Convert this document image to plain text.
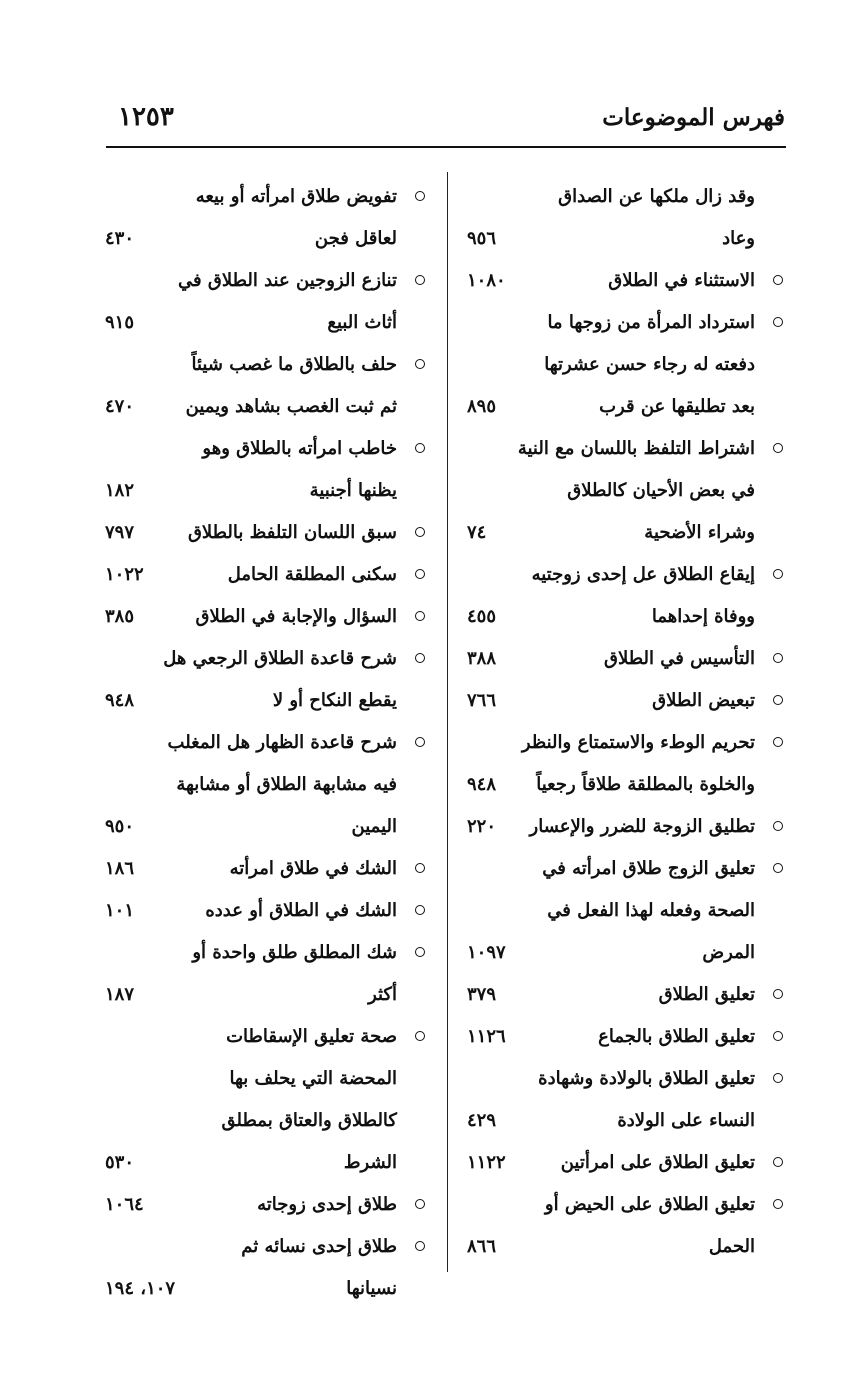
فهرس الموضوعات
١٢٥٣
وقد زال ملكها عن الصداق
وعاد
٩٥٦
الاستثناء في الطلاق
١٠٨٠
استرداد المرأة من زوجها ما
دفعته له رجاء حسن عشرتها
بعد تطليقها عن قرب
٨٩٥
اشتراط التلفظ باللسان مع النية
في بعض الأحيان كالطلاق
وشراء الأضحية
٧٤
إيقاع الطلاق عل إحدى زوجتيه
ووفاة إحداهما
٤٥٥
التأسيس في الطلاق
٣٨٨
تبعيض الطلاق
٧٦٦
تحريم الوطء والاستمتاع والنظر
والخلوة بالمطلقة طلاقاً رجعياً
٩٤٨
تطليق الزوجة للضرر والإعسار
٢٢٠
تعليق الزوج طلاق امرأته في
الصحة وفعله لهذا الفعل في
المرض
١٠٩٧
تعليق الطلاق
٣٧٩
تعليق الطلاق بالجماع
١١٢٦
تعليق الطلاق بالولادة وشهادة
النساء على الولادة
٤٢٩
تعليق الطلاق على امرأتين
١١٢٢
تعليق الطلاق على الحيض أو
الحمل
٨٦٦
تفويض طلاق امرأته أو بيعه
لعاقل فجن
٤٣٠
تنازع الزوجين عند الطلاق في
أثاث البيع
٩١٥
حلف بالطلاق ما غصب شيئاً
ثم ثبت الغصب بشاهد ويمين
٤٧٠
خاطب امرأته بالطلاق وهو
يظنها أجنبية
١٨٢
سبق اللسان التلفظ بالطلاق
٧٩٧
سكنى المطلقة الحامل
١٠٢٢
السؤال والإجابة في الطلاق
٣٨٥
شرح قاعدة الطلاق الرجعي هل
يقطع النكاح أو لا
٩٤٨
شرح قاعدة الظهار هل المغلب
فيه مشابهة الطلاق أو مشابهة
اليمين
٩٥٠
الشك في طلاق امرأته
١٨٦
الشك في الطلاق أو عدده
١٠١
شك المطلق طلق واحدة أو
أكثر
١٨٧
صحة تعليق الإسقاطات
المحضة التي يحلف بها
كالطلاق والعتاق بمطلق
الشرط
٥٣٠
طلاق إحدى زوجاته
١٠٦٤
طلاق إحدى نسائه ثم
نسيانها
١٠٧، ١٩٤
